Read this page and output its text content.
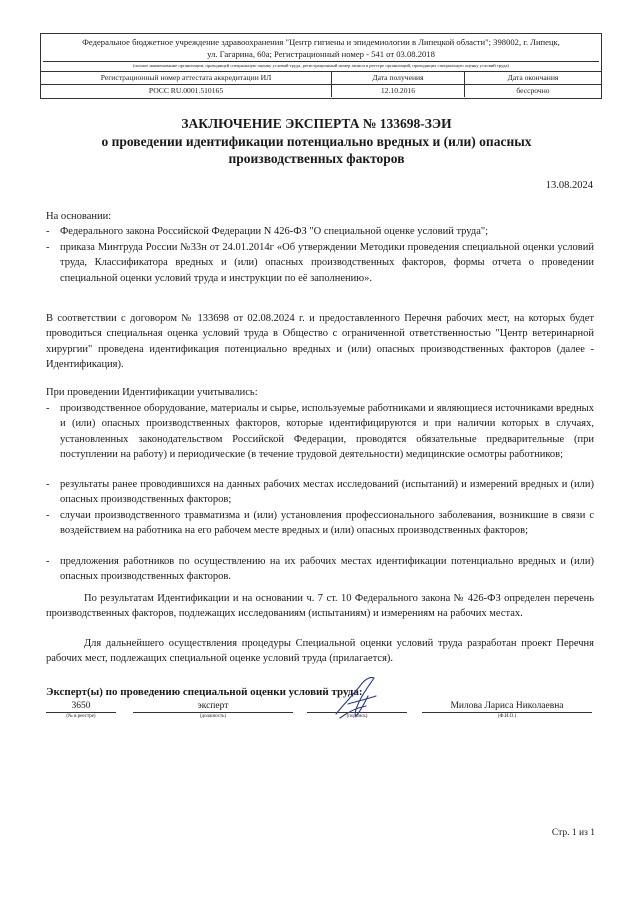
Федеральное бюджетное учреждение здравоохранения "Центр гигиены и эпидемиологии в Липецкой области"; 398002, г. Липецк,
ул. Гагарина, 60а; Регистрационный номер - 541 от 03.08.2018
(полное наименование организации, проводящей специальную оценку условий труда, регистрационный номер записи в реестре организаций, проводящих специальную оценку условий труда)
Регистрационный номер аттестата аккредитации ИЛ	Дата получения	Дата окончания
РОСС RU.0001.510165	12.10.2016	бессрочно
ЗАКЛЮЧЕНИЕ ЭКСПЕРТА № 133698-ЗЭИ
о проведении идентификации потенциально вредных и (или) опасных
производственных факторов
13.08.2024
На основании:
- Федерального закона Российской Федерации N 426-ФЗ "О специальной оценке условий труда";
- приказа Минтруда России №33н от 24.01.2014г «Об утверждении Методики проведения специальной оценки условий труда, Классификатора вредных и (или) опасных производственных факторов, формы отчета о проведении специальной оценки условий труда и инструкции по её заполнению».
В соответствии с договором № 133698 от 02.08.2024 г. и предоставленного Перечня рабочих мест, на которых будет проводиться специальная оценка условий труда в Общество с ограниченной ответственностью "Центр ветеринарной хирургии" проведена идентификация потенциально вредных и (или) опасных производственных факторов (далее - Идентификация).
При проведении Идентификации учитывались:
- производственное оборудование, материалы и сырье, используемые работниками и являющиеся источниками вредных и (или) опасных производственных факторов, которые идентифицируются и при наличии которых в случаях, установленных законодательством Российской Федерации, проводятся обязательные предварительные (при поступлении на работу) и периодические (в течение трудовой деятельности) медицинские осмотры работников;
- результаты ранее проводившихся на данных рабочих местах исследований (испытаний) и измерений вредных и (или) опасных производственных факторов;
- случаи производственного травматизма и (или) установления профессионального заболевания, возникшие в связи с воздействием на работника на его рабочем месте вредных и (или) опасных производственных факторов;
- предложения работников по осуществлению на их рабочих местах идентификации потенциально вредных и (или) опасных производственных факторов.
По результатам Идентификации и на основании ч. 7 ст. 10 Федерального закона № 426-ФЗ определен перечень производственных факторов, подлежащих исследованиям (испытаниям) и измерениям на рабочих местах.
Для дальнейшего осуществления процедуры Специальной оценки условий труда разработан проект Перечня рабочих мест, подлежащих специальной оценке условий труда (прилагается).
Эксперт(ы) по проведению специальной оценки условий труда:
3650
(№ в реестре)
эксперт
(должность)	(подпись)
Милова Лариса Николаевна
(Ф.И.О.)
Стр. 1 из 1
